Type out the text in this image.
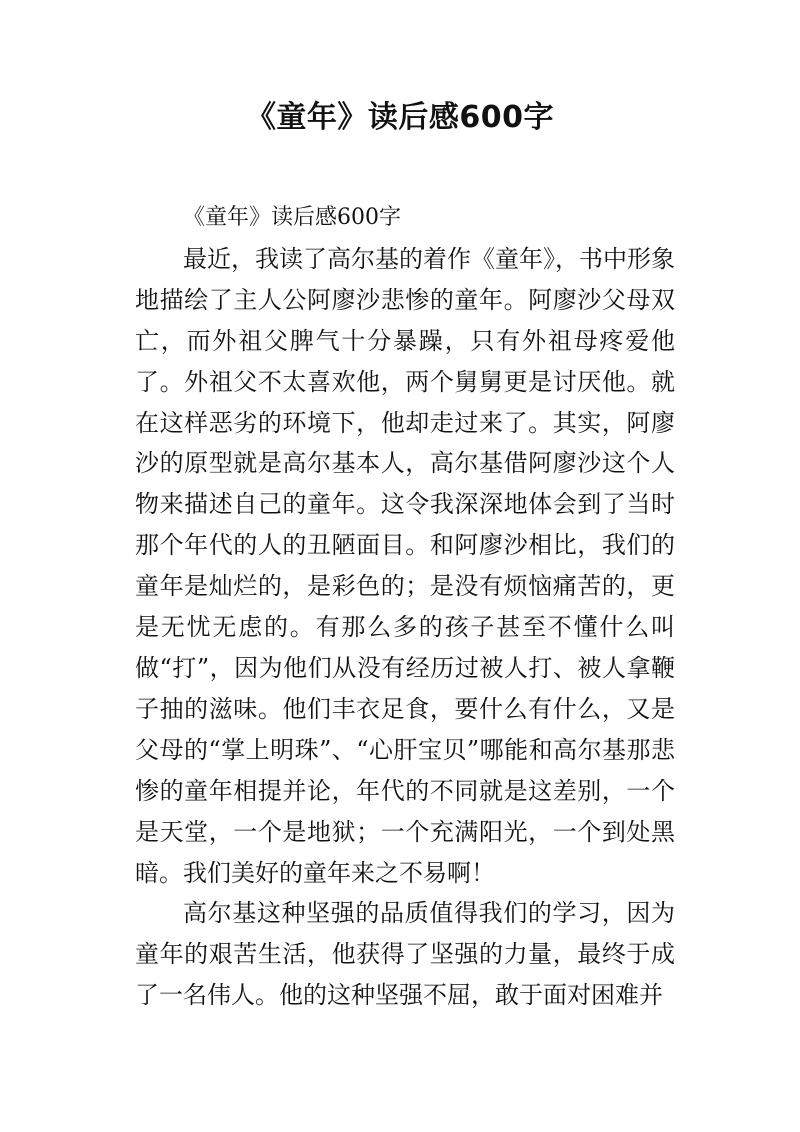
《童年》读后感600字

《童年》读后感600字

最近，我读了高尔基的着作《童年》，书中形象地描绘了主人公阿廖沙悲惨的童年。阿廖沙父母双亡，而外祖父脾气十分暴躁，只有外祖母疼爱他了。外祖父不太喜欢他，两个舅舅更是讨厌他。就在这样恶劣的环境下，他却走过来了。其实，阿廖沙的原型就是高尔基本人，高尔基借阿廖沙这个人物来描述自己的童年。这令我深深地体会到了当时那个年代的人的丑陋面目。和阿廖沙相比，我们的童年是灿烂的，是彩色的；是没有烦恼痛苦的，更是无忧无虑的。有那么多的孩子甚至不懂什么叫做“打”，因为他们从没有经历过被人打、被人拿鞭子抽的滋味。他们丰衣足食，要什么有什么，又是父母的“掌上明珠”、“心肝宝贝”哪能和高尔基那悲惨的童年相提并论，年代的不同就是这差别，一个是天堂，一个是地狱；一个充满阳光，一个到处黑暗。我们美好的童年来之不易啊！

高尔基这种坚强的品质值得我们的学习，因为童年的艰苦生活，他获得了坚强的力量，最终于成了一名伟人。他的这种坚强不屈，敢于面对困难并
